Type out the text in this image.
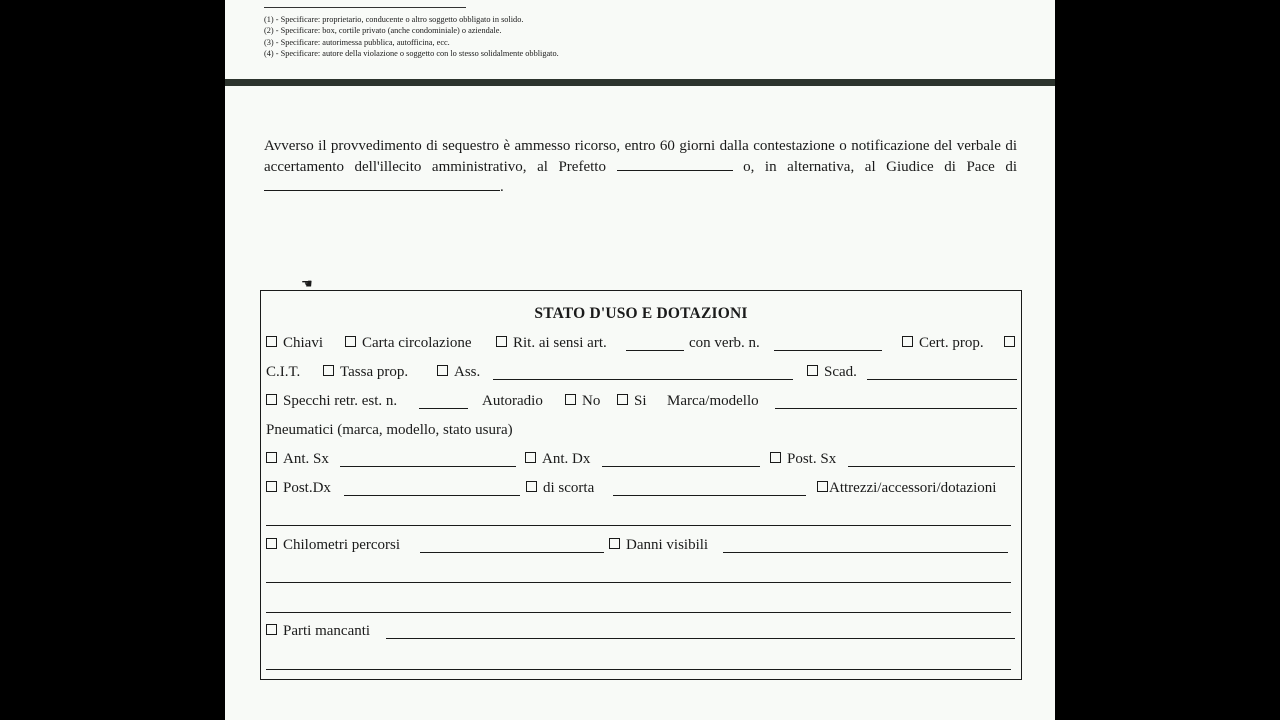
(1) - Specificare: proprietario, conducente o altro soggetto obbligato in solido.
(2) - Specificare: box, cortile privato (anche condominiale) o aziendale.
(3) - Specificare: autorimessa pubblica, autofficina, ecc.
(4) - Specificare: autore della violazione o soggetto con lo stesso solidalmente obbligato.
Avverso il provvedimento di sequestro è ammesso ricorso, entro 60 giorni dalla contestazione o notificazione del verbale di accertamento dell'illecito amministrativo, al Prefetto	o, in alternativa, al Giudice di Pace di .
☚
STATO D'USO E DOTAZIONI
Chiavi	Carta circolazione	Rit. ai sensi art.	con verb. n.	Cert. prop.
C.I.T.	Tassa prop.	Ass.	Scad.
Specchi retr. est. n.	Autoradio	No	Si Marca/modello
Pneumatici (marca, modello, stato usura)
Ant. Sx	Ant. Dx	Post. Sx
Post.Dx	di scorta	Attrezzi/accessori/dotazioni
Chilometri percorsi	Danni visibili
Parti mancanti
